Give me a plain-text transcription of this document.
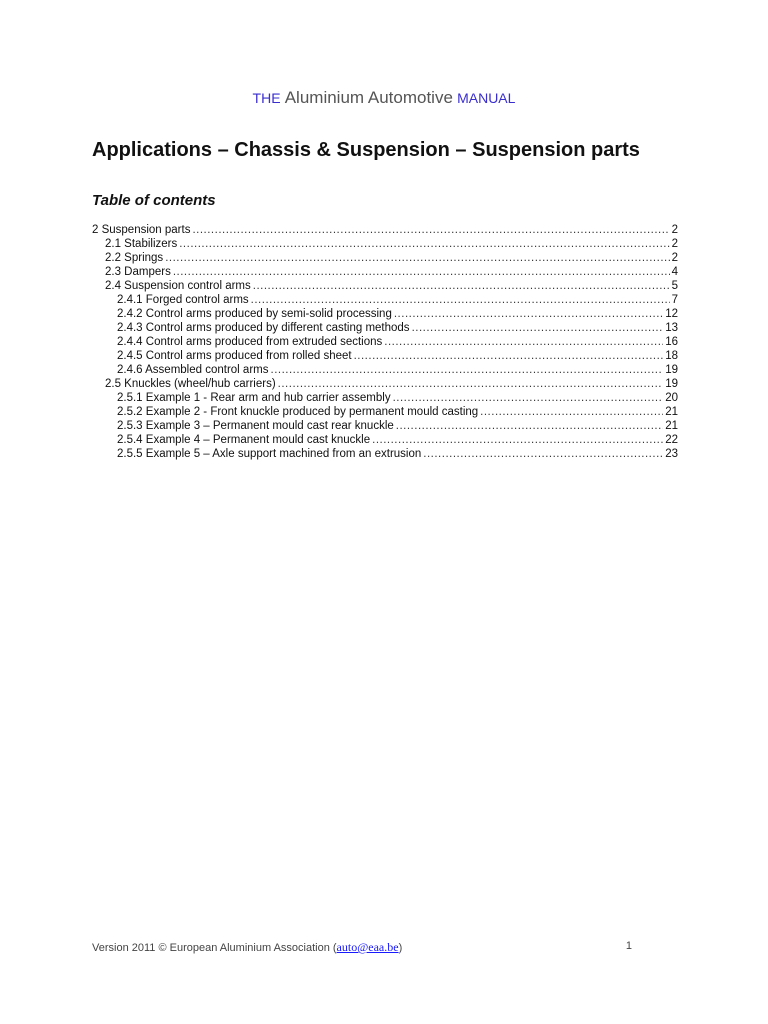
THE Aluminium Automotive MANUAL
Applications – Chassis & Suspension – Suspension parts
Table of contents
2 Suspension parts .....	2
2.1 Stabilizers .....	2
2.2 Springs .....	2
2.3 Dampers .....	4
2.4 Suspension control arms .....	5
2.4.1 Forged control arms .....	7
2.4.2 Control arms produced by semi-solid processing .....	12
2.4.3 Control arms produced by different casting methods .....	13
2.4.4 Control arms produced from extruded sections .....	16
2.4.5 Control arms produced from rolled sheet .....	18
2.4.6 Assembled control arms .....	19
2.5 Knuckles (wheel/hub carriers) .....	19
2.5.1 Example 1 - Rear arm and hub carrier assembly .....	20
2.5.2 Example 2 - Front knuckle produced by permanent mould casting .....	21
2.5.3 Example 3 – Permanent mould cast rear knuckle .....	21
2.5.4 Example 4 – Permanent mould cast knuckle .....	22
2.5.5 Example 5 – Axle support machined from an extrusion .....	23
Version 2011 © European Aluminium Association (auto@eaa.be)	1
